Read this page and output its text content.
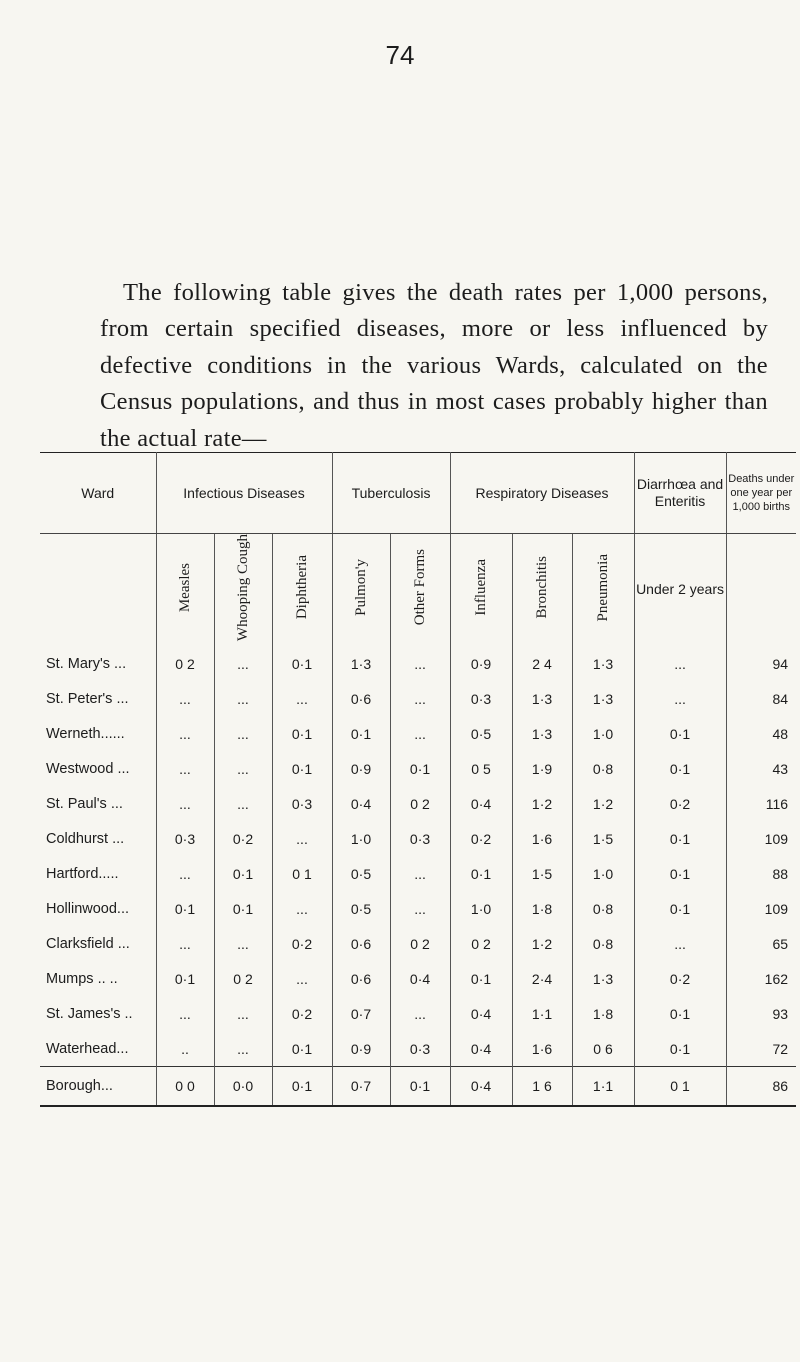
74

The following table gives the death rates per 1,000 persons, from certain specified diseases, more or less influenced by defective conditions in the various Wards, calculated on the Census populations, and thus in most cases probably higher than the actual rate—

Ward	Infectious Diseases			Tuberculosis		Respiratory Diseases			Diarrhœa and Enteritis	Deaths under one year per 1,000 births
	Measles	Whooping Cough	Diphtheria	Pulmon'y	Other Forms	Influenza	Bronchitis	Pneumonia	Under 2 years	
St. Mary's ...	0 2	...	0·1	1·3	...	0·9	2 4	1·3	...	94
St. Peter's ...	...	...	...	0·6	...	0·3	1·3	1·3	...	84
Werneth......	...	...	0·1	0·1	...	0·5	1·3	1·0	0·1	48
Westwood ...	...	...	0·1	0·9	0·1	0 5	1·9	0·8	0·1	43
St. Paul's ...	...	...	0·3	0·4	0 2	0·4	1·2	1·2	0·2	116
Coldhurst ...	0·3	0·2	...	1·0	0·3	0·2	1·6	1·5	0·1	109
Hartford.....	...	0·1	0 1	0·5	...	0·1	1·5	1·0	0·1	88
Hollinwood...	0·1	0·1	...	0·5	...	1·0	1·8	0·8	0·1	109
Clarksfield ...	...	...	0·2	0·6	0 2	0 2	1·2	0·8	...	65
Mumps .. ..	0·1	0 2	...	0·6	0·4	0·1	2·4	1·3	0·2	162
St. James's ..	...	...	0·2	0·7	...	0·4	1·1	1·8	0·1	93
Waterhead...	..	...	0·1	0·9	0·3	0·4	1·6	0 6	0·1	72
Borough...	0 0	0·0	0·1	0·7	0·1	0·4	1 6	1·1	0 1	86
